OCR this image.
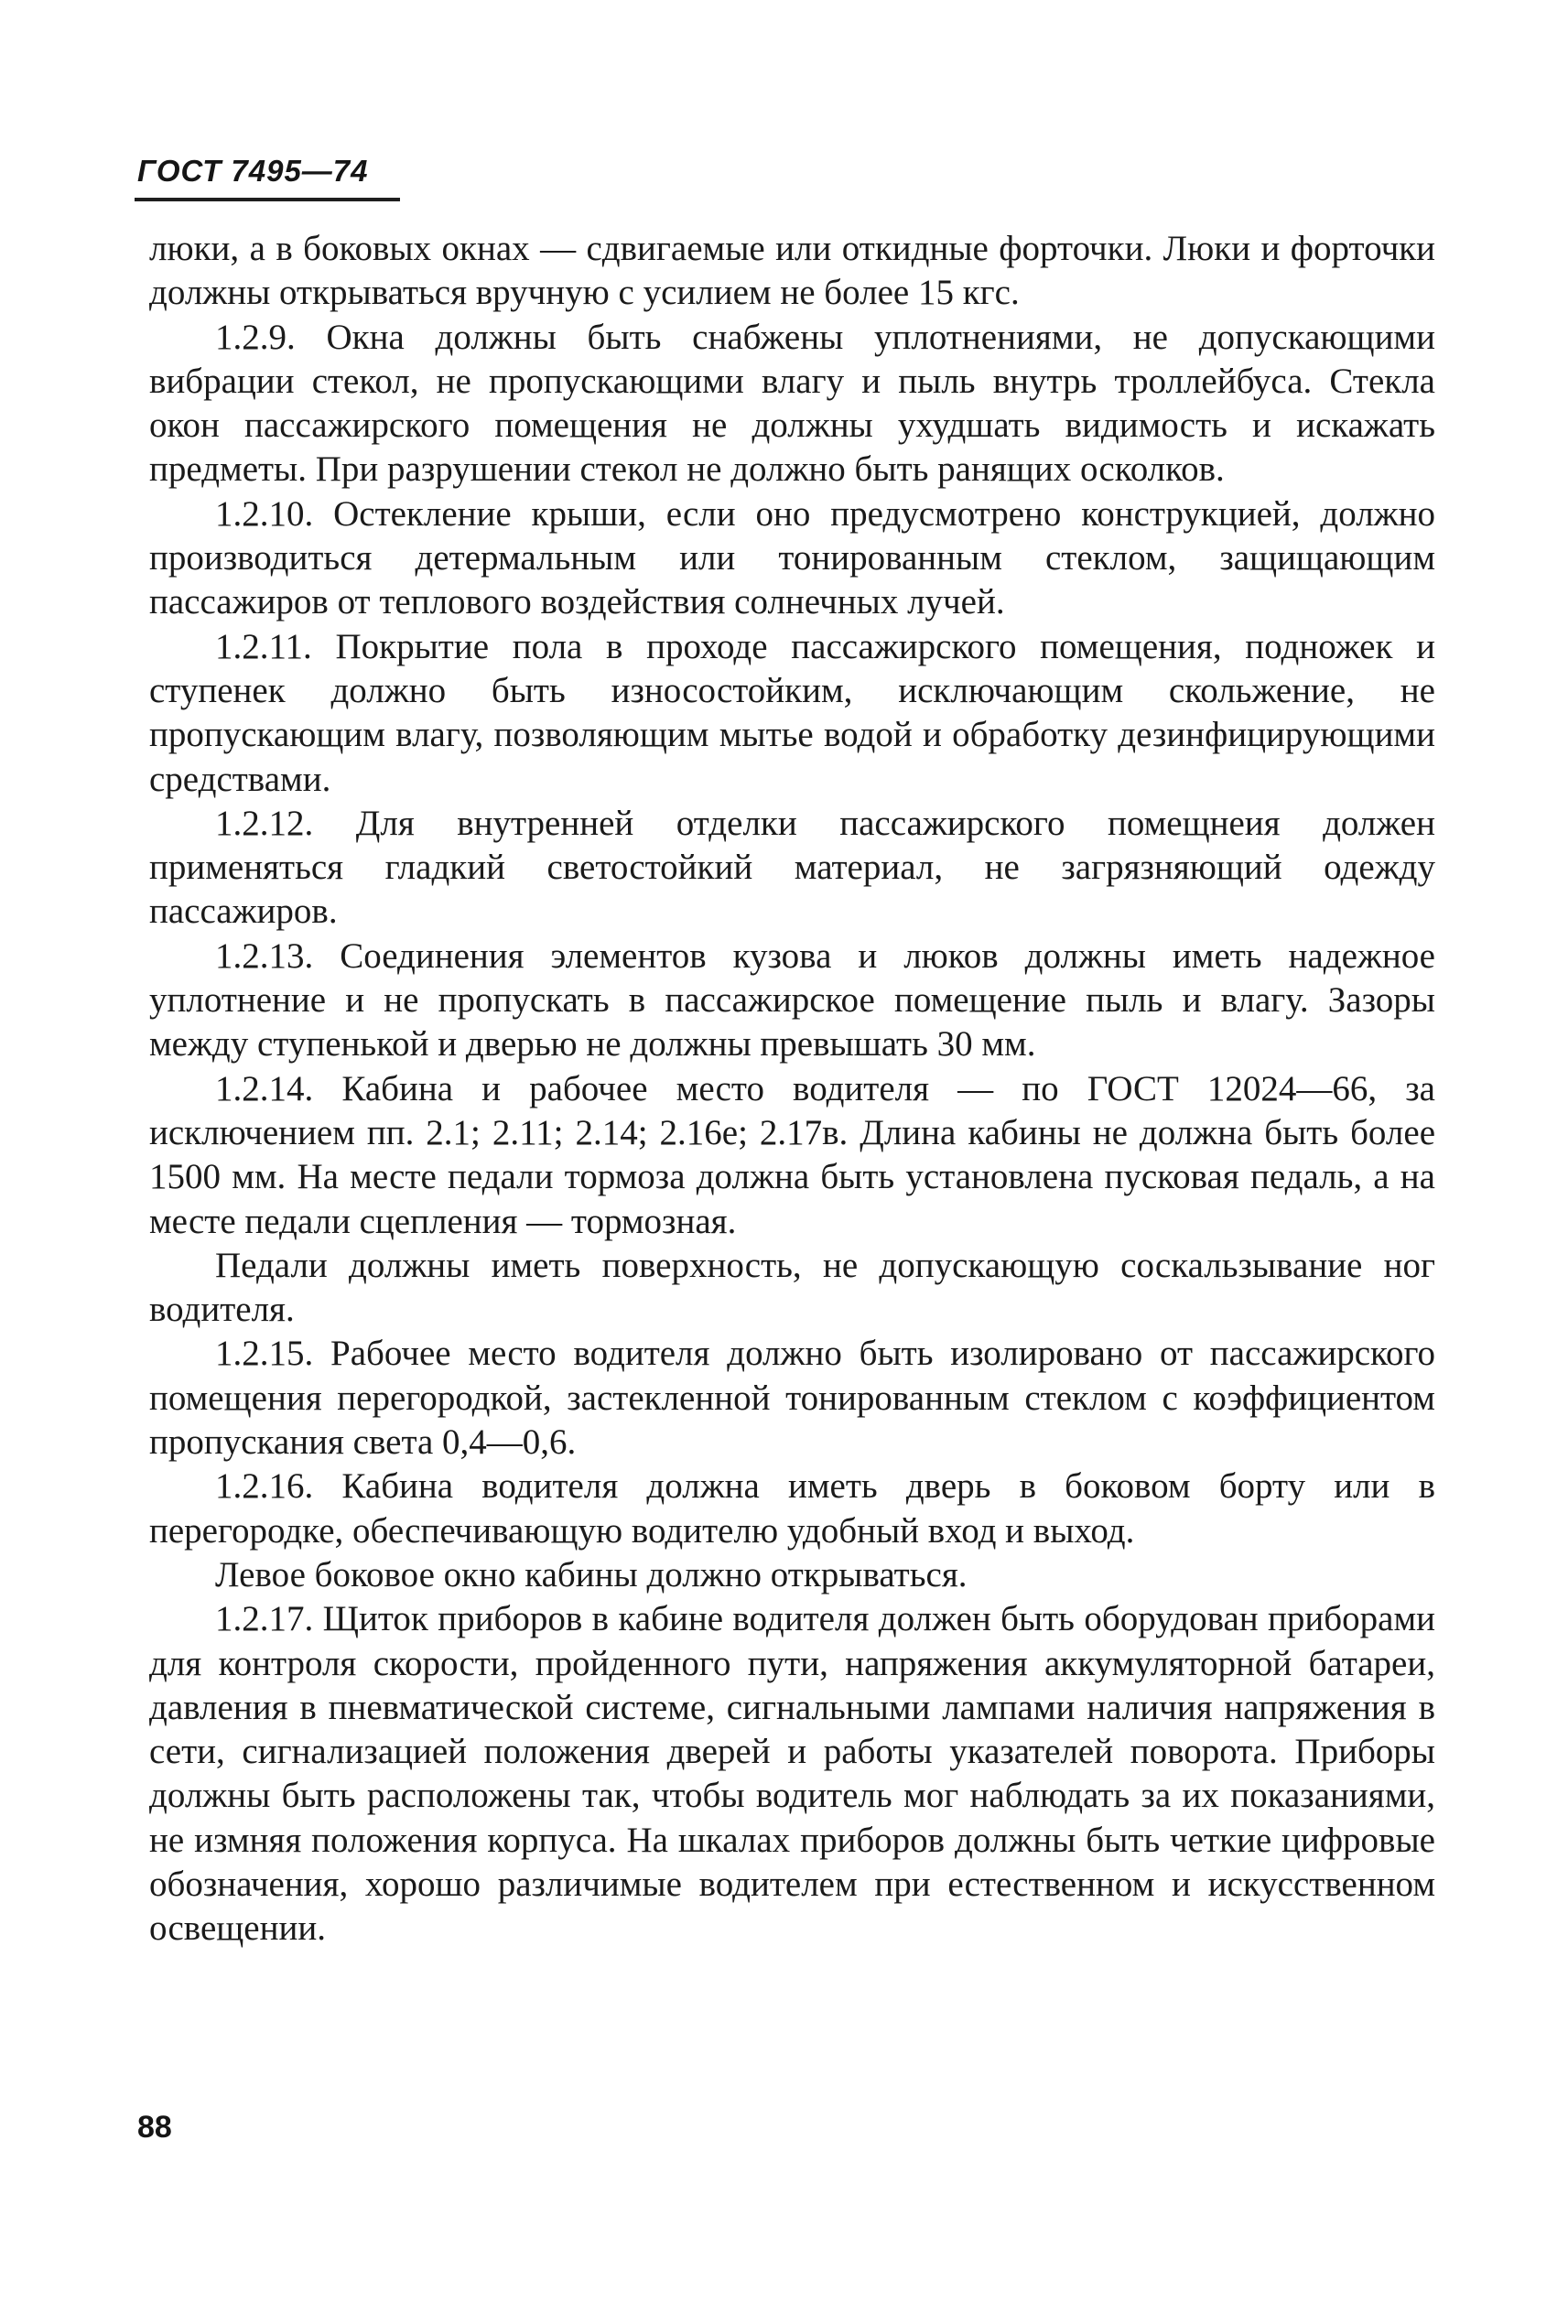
ГОСТ 7495—74

люки, а в боковых окнах — сдвигаемые или откидные форточки. Люки и форточки должны открываться вручную с усилием не более 15 кгс.

1.2.9. Окна должны быть снабжены уплотнениями, не допускающими вибрации стекол, не пропускающими влагу и пыль внутрь троллейбуса. Стекла окон пассажирского помещения не должны ухудшать видимость и искажать предметы. При разрушении стекол не должно быть ранящих осколков.

1.2.10. Остекление крыши, если оно предусмотрено конструкцией, должно производиться детермальным или тонированным стеклом, защищающим пассажиров от теплового воздействия солнечных лучей.

1.2.11. Покрытие пола в проходе пассажирского помещения, подножек и ступенек должно быть износостойким, исключающим скольжение, не пропускающим влагу, позволяющим мытье водой и обработку дезинфицирующими средствами.

1.2.12. Для внутренней отделки пассажирского помещнеия должен применяться гладкий светостойкий материал, не загрязняющий одежду пассажиров.

1.2.13. Соединения элементов кузова и люков должны иметь надежное уплотнение и не пропускать в пассажирское помещение пыль и влагу. Зазоры между ступенькой и дверью не должны превышать 30 мм.

1.2.14. Кабина и рабочее место водителя — по ГОСТ 12024—66, за исключением пп. 2.1; 2.11; 2.14; 2.16е; 2.17в. Длина кабины не должна быть более 1500 мм. На месте педали тормоза должна быть установлена пусковая педаль, а на месте педали сцепления — тормозная.

Педали должны иметь поверхность, не допускающую соскальзывание ног водителя.

1.2.15. Рабочее место водителя должно быть изолировано от пассажирского помещения перегородкой, застекленной тонированным стеклом с коэффициентом пропускания света 0,4—0,6.

1.2.16. Кабина водителя должна иметь дверь в боковом борту или в перегородке, обеспечивающую водителю удобный вход и выход.

Левое боковое окно кабины должно открываться.

1.2.17. Щиток приборов в кабине водителя должен быть оборудован приборами для контроля скорости, пройденного пути, напряжения аккумуляторной батареи, давления в пневматической системе, сигнальными лампами наличия напряжения в сети, сигнализацией положения дверей и работы указателей поворота. Приборы должны быть расположены так, чтобы водитель мог наблюдать за их показаниями, не измняя положения корпуса. На шкалах приборов должны быть четкие цифровые обозначения, хорошо различимые водителем при естественном и искусственном освещении.

88
